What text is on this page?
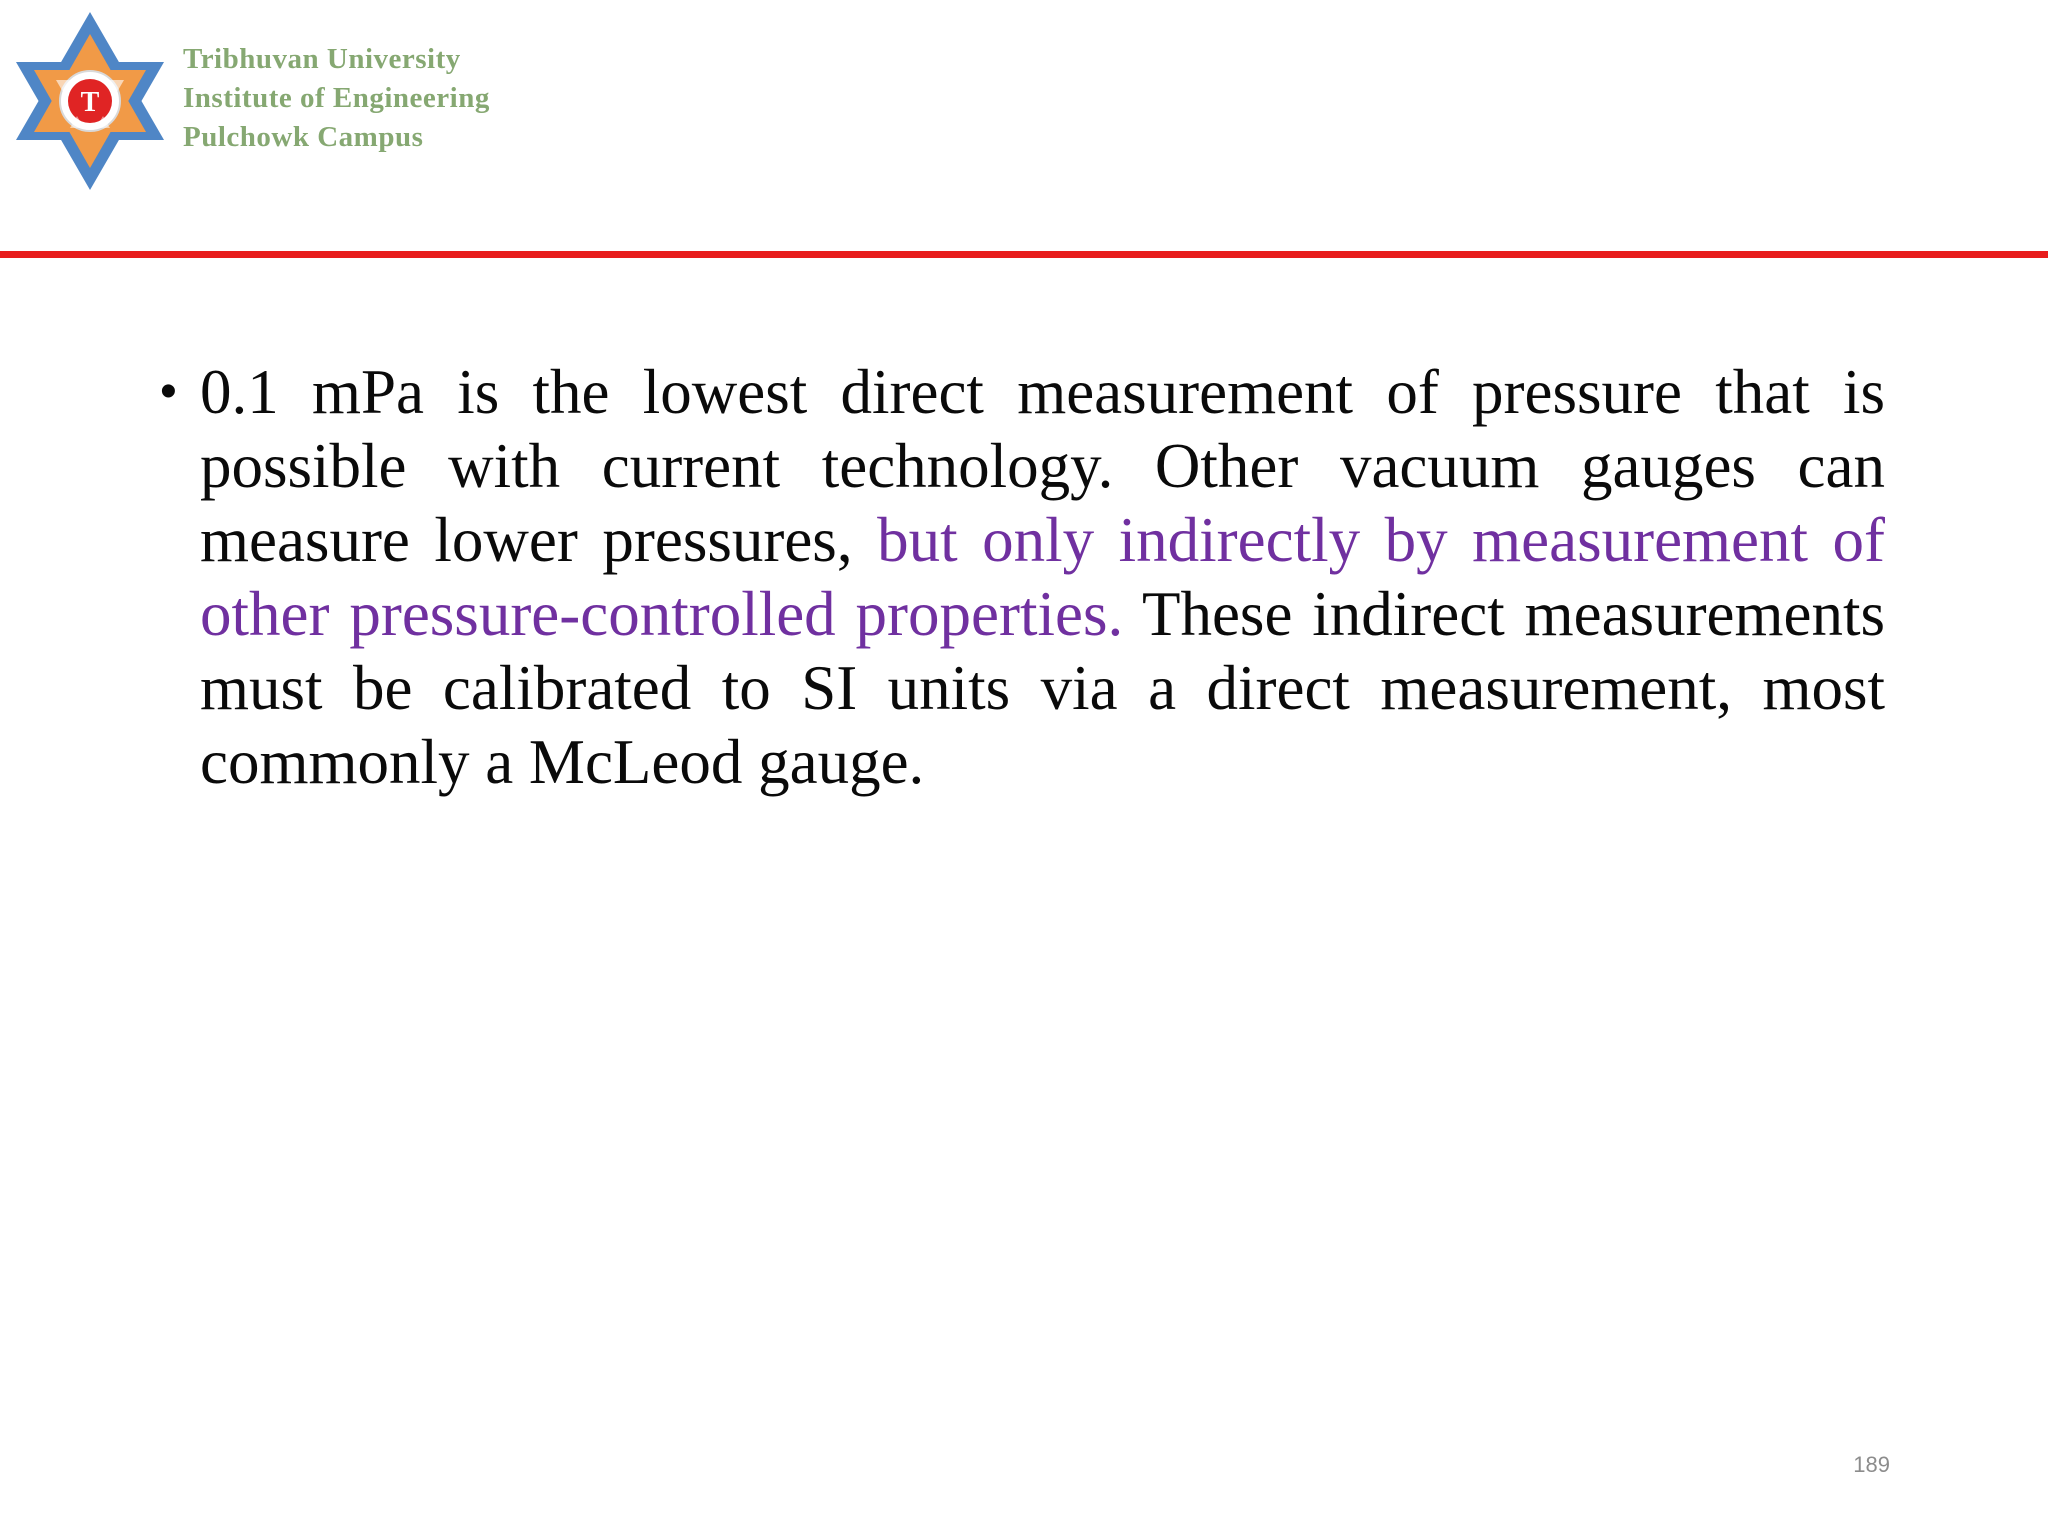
T
Tribhuvan University
Institute of Engineering
Pulchowk Campus
• 0.1 mPa is the lowest direct measurement of pressure that is possible with current technology. Other vacuum gauges can measure lower pressures, but only indirectly by measurement of other pressure-controlled properties. These indirect measurements must be calibrated to SI units via a direct measurement, most commonly a McLeod gauge.
189
